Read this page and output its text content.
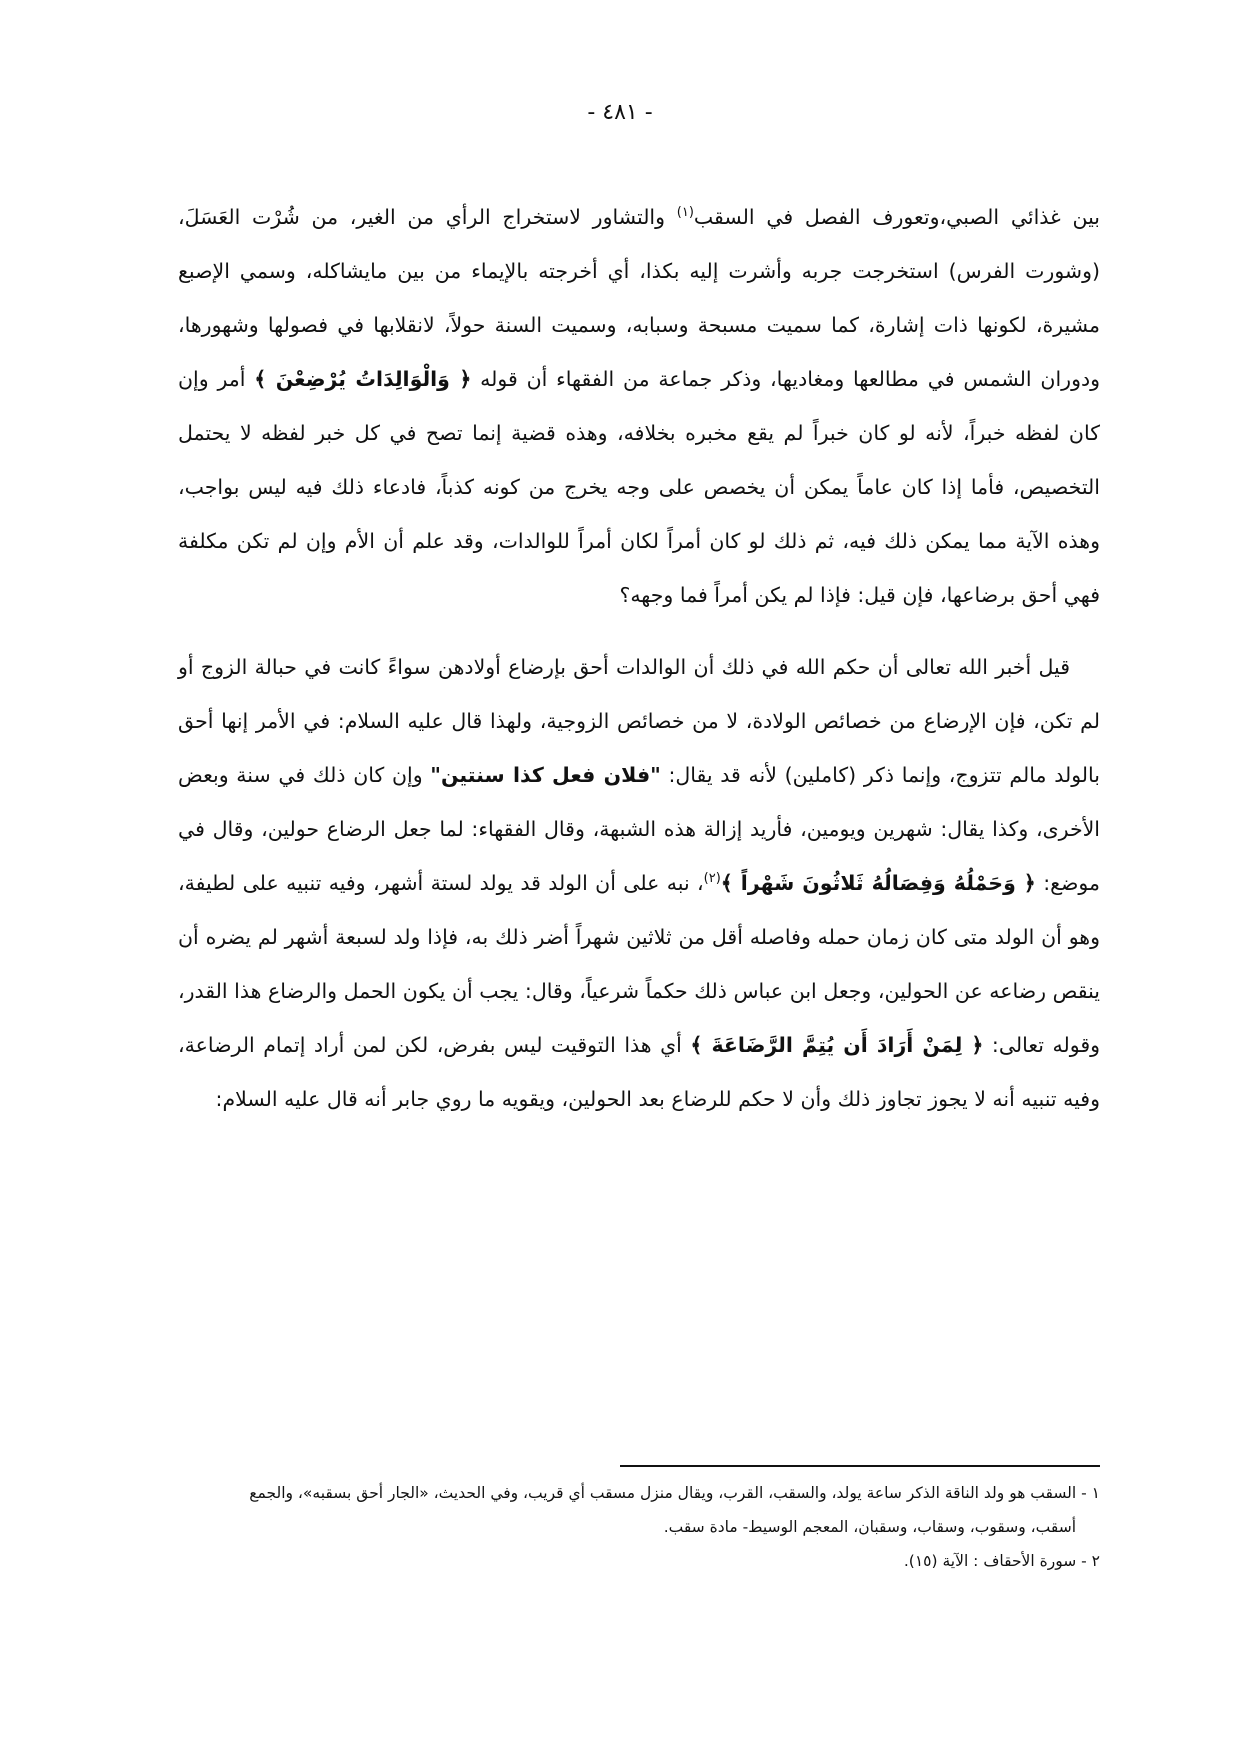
- ٤٨١ -

بين غذائي الصبي،وتعورف الفصل في السقب$^{(١)}$ والتشاور لاستخراج الرأي من الغير، من شُرْت العَسَلَ، (وشورت الفرس) استخرجت جربه وأشرت إليه بكذا، أي أخرجته بالإيماء من بين مايشاكله، وسمي الإصبع مشيرة، لكونها ذات إشارة، كما سميت مسبحة وسبابه، وسميت السنة حولاً، لانقلابها في فصولها وشهورها، ودوران الشمس في مطالعها ومغاديها، وذكر جماعة من الفقهاء أن قوله ﴿ وَالْوَالِدَاتُ يُرْضِعْنَ ﴾ أمر وإن كان لفظه خبراً، لأنه لو كان خبراً لم يقع مخبره بخلافه، وهذه قضية إنما تصح في كل خبر لفظه لا يحتمل التخصيص، فأما إذا كان عاماً يمكن أن يخصص على وجه يخرج من كونه كذباً، فادعاء ذلك فيه ليس بواجب، وهذه الآية مما يمكن ذلك فيه، ثم ذلك لو كان أمراً لكان أمراً للوالدات، وقد علم أن الأم وإن لم تكن مكلفة فهي أحق برضاعها، فإن قيل: فإذا لم يكن أمراً فما وجهه؟

قيل أخبر الله تعالى أن حكم الله في ذلك أن الوالدات أحق بإرضاع أولادهن سواءً كانت في حبالة الزوج أو لم تكن، فإن الإرضاع من خصائص الولادة، لا من خصائص الزوجية، ولهذا قال عليه السلام: في الأمر إنها أحق بالولد مالم تتزوج، وإنما ذكر (كاملين) لأنه قد يقال: "فلان فعل كذا سنتين" وإن كان ذلك في سنة وبعض الأخرى، وكذا يقال: شهرين ويومين، فأريد إزالة هذه الشبهة، وقال الفقهاء: لما جعل الرضاع حولين، وقال في موضع: ﴿ وَحَمْلُهُ وَفِصَالُهُ ثَلاثُونَ شَهْراً ﴾$^{(٢)}$، نبه على أن الولد قد يولد لستة أشهر، وفيه تنبيه على لطيفة، وهو أن الولد متى كان زمان حمله وفاصله أقل من ثلاثين شهراً أضر ذلك به، فإذا ولد لسبعة أشهر لم يضره أن ينقص رضاعه عن الحولين، وجعل ابن عباس ذلك حكماً شرعياً، وقال: يجب أن يكون الحمل والرضاع هذا القدر، وقوله تعالى: ﴿ لِمَنْ أَرَادَ أَن يُتِمَّ الرَّضَاعَةَ ﴾ أي هذا التوقيت ليس بفرض، لكن لمن أراد إتمام الرضاعة، وفيه تنبيه أنه لا يجوز تجاوز ذلك وأن لا حكم للرضاع بعد الحولين، ويقويه ما روي جابر أنه قال عليه السلام:

١ - السقب هو ولد الناقة الذكر ساعة يولد، والسقب، القرب، ويقال منزل مسقب أي قريب، وفي الحديث، «الجار أحق بسقبه»، والجمع

أسقب، وسقوب، وسقاب، وسقبان، المعجم الوسيط- مادة سقب.

٢ - سورة الأحقاف : الآية (١٥).
